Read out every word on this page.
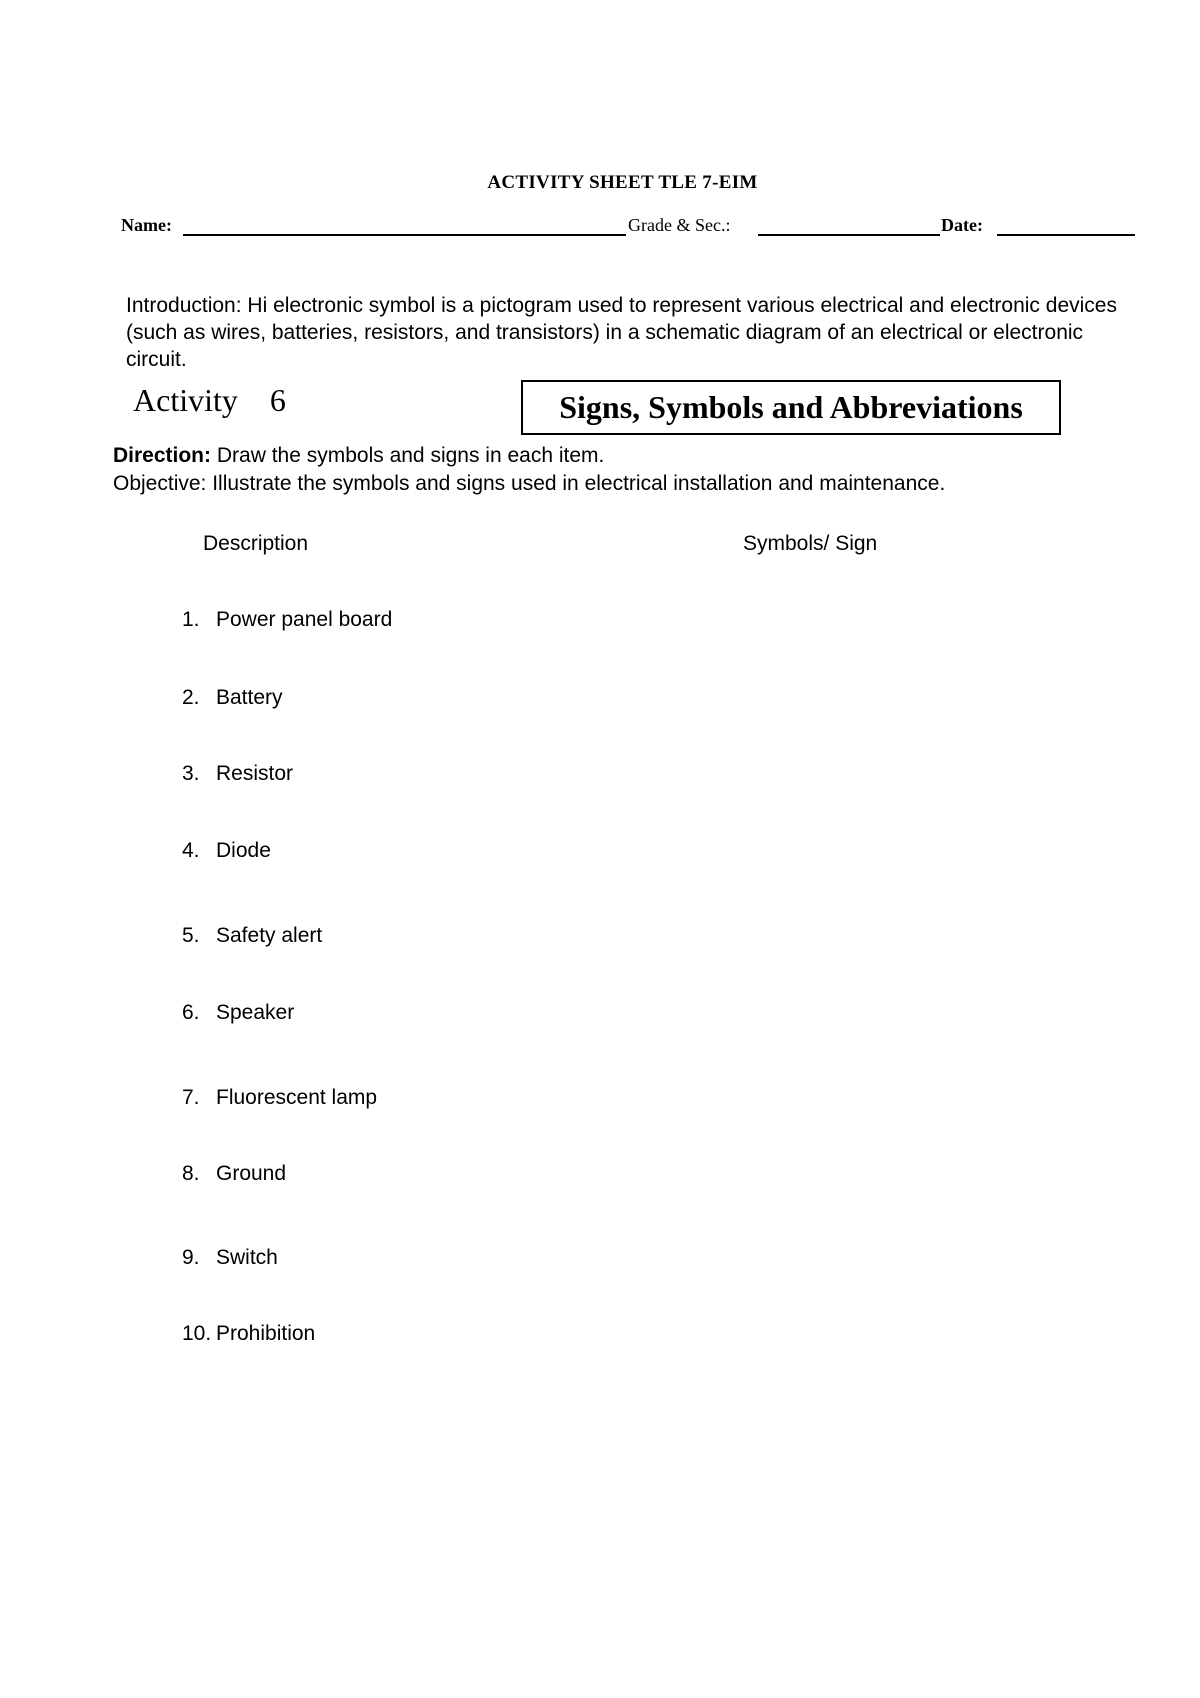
ACTIVITY SHEET TLE 7-EIM
Name:	Grade & Sec.:	Date:
Introduction: Hi electronic symbol is a pictogram used to represent various electrical and electronic devices (such as wires, batteries, resistors, and transistors) in a schematic diagram of an electrical or electronic circuit.
Activity 6	Signs, Symbols and Abbreviations
Direction: Draw the symbols and signs in each item.
Objective: Illustrate the symbols and signs used in electrical installation and maintenance.
Description	Symbols/ Sign
1. Power panel board
2. Battery
3. Resistor
4. Diode
5. Safety alert
6. Speaker
7. Fluorescent lamp
8. Ground
9. Switch
10. Prohibition
